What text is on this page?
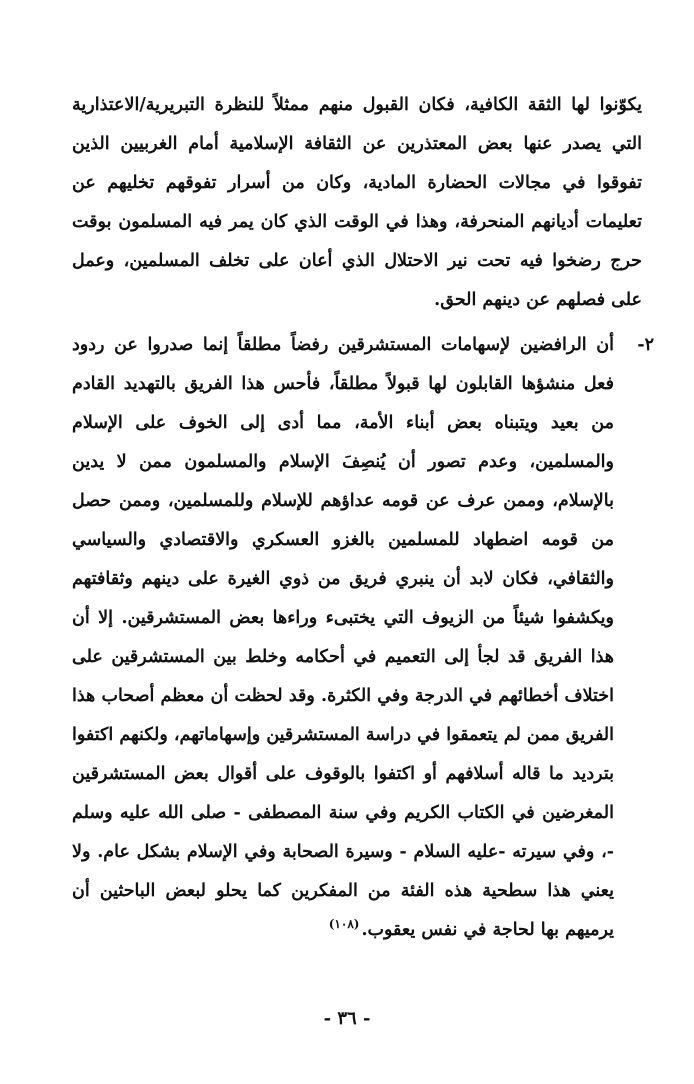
يكوّنوا لها الثقة الكافية، فكان القبول منهم ممثلاً للنظرة التبريرية/الاعتذارية التي يصدر عنها بعض المعتذرين عن الثقافة الإسلامية أمام الغربيين الذين تفوقوا في مجالات الحضارة المادية، وكان من أسرار تفوقهم تخليهم عن تعليمات أديانهم المنحرفة، وهذا في الوقت الذي كان يمر فيه المسلمون بوقت حرج رضخوا فيه تحت نير الاحتلال الذي أعان على تخلف المسلمين، وعمل على فصلهم عن دينهم الحق.

٢-

أن الرافضين لإسهامات المستشرقين رفضاً مطلقاً إنما صدروا عن ردود فعل منشؤها القابلون لها قبولاً مطلقاً، فأحس هذا الفريق بالتهديد القادم من بعيد ويتبناه بعض أبناء الأمة، مما أدى إلى الخوف على الإسلام والمسلمين، وعدم تصور أن يُنصِفَ الإسلام والمسلمون ممن لا يدين بالإسلام، وممن عرف عن قومه عداؤهم للإسلام وللمسلمين، وممن حصل من قومه اضطهاد للمسلمين بالغزو العسكري والاقتصادي والسياسي والثقافي، فكان لابد أن ينبري فريق من ذوي الغيرة على دينهم وثقافتهم ويكشفوا شيئاً من الزيوف التي يختبىء وراءها بعض المستشرقين. إلا أن هذا الفريق قد لجأ إلى التعميم في أحكامه وخلط بين المستشرقين على اختلاف أخطائهم في الدرجة وفي الكثرة. وقد لحظت أن معظم أصحاب هذا الفريق ممن لم يتعمقوا في دراسة المستشرقين وإسهاماتهم، ولكنهم اكتفوا بترديد ما قاله أسلافهم أو اكتفوا بالوقوف على أقوال بعض المستشرقين المغرضين في الكتاب الكريم وفي سنة المصطفى - صلى الله عليه وسلم -، وفي سيرته -عليه السلام - وسيرة الصحابة وفي الإسلام بشكل عام. ولا يعني هذا سطحية هذه الفئة من المفكرين كما يحلو لبعض الباحثين أن يرميهم بها لحاجة في نفس يعقوب.$^{(١٠٨)}$

- ٣٦ -
